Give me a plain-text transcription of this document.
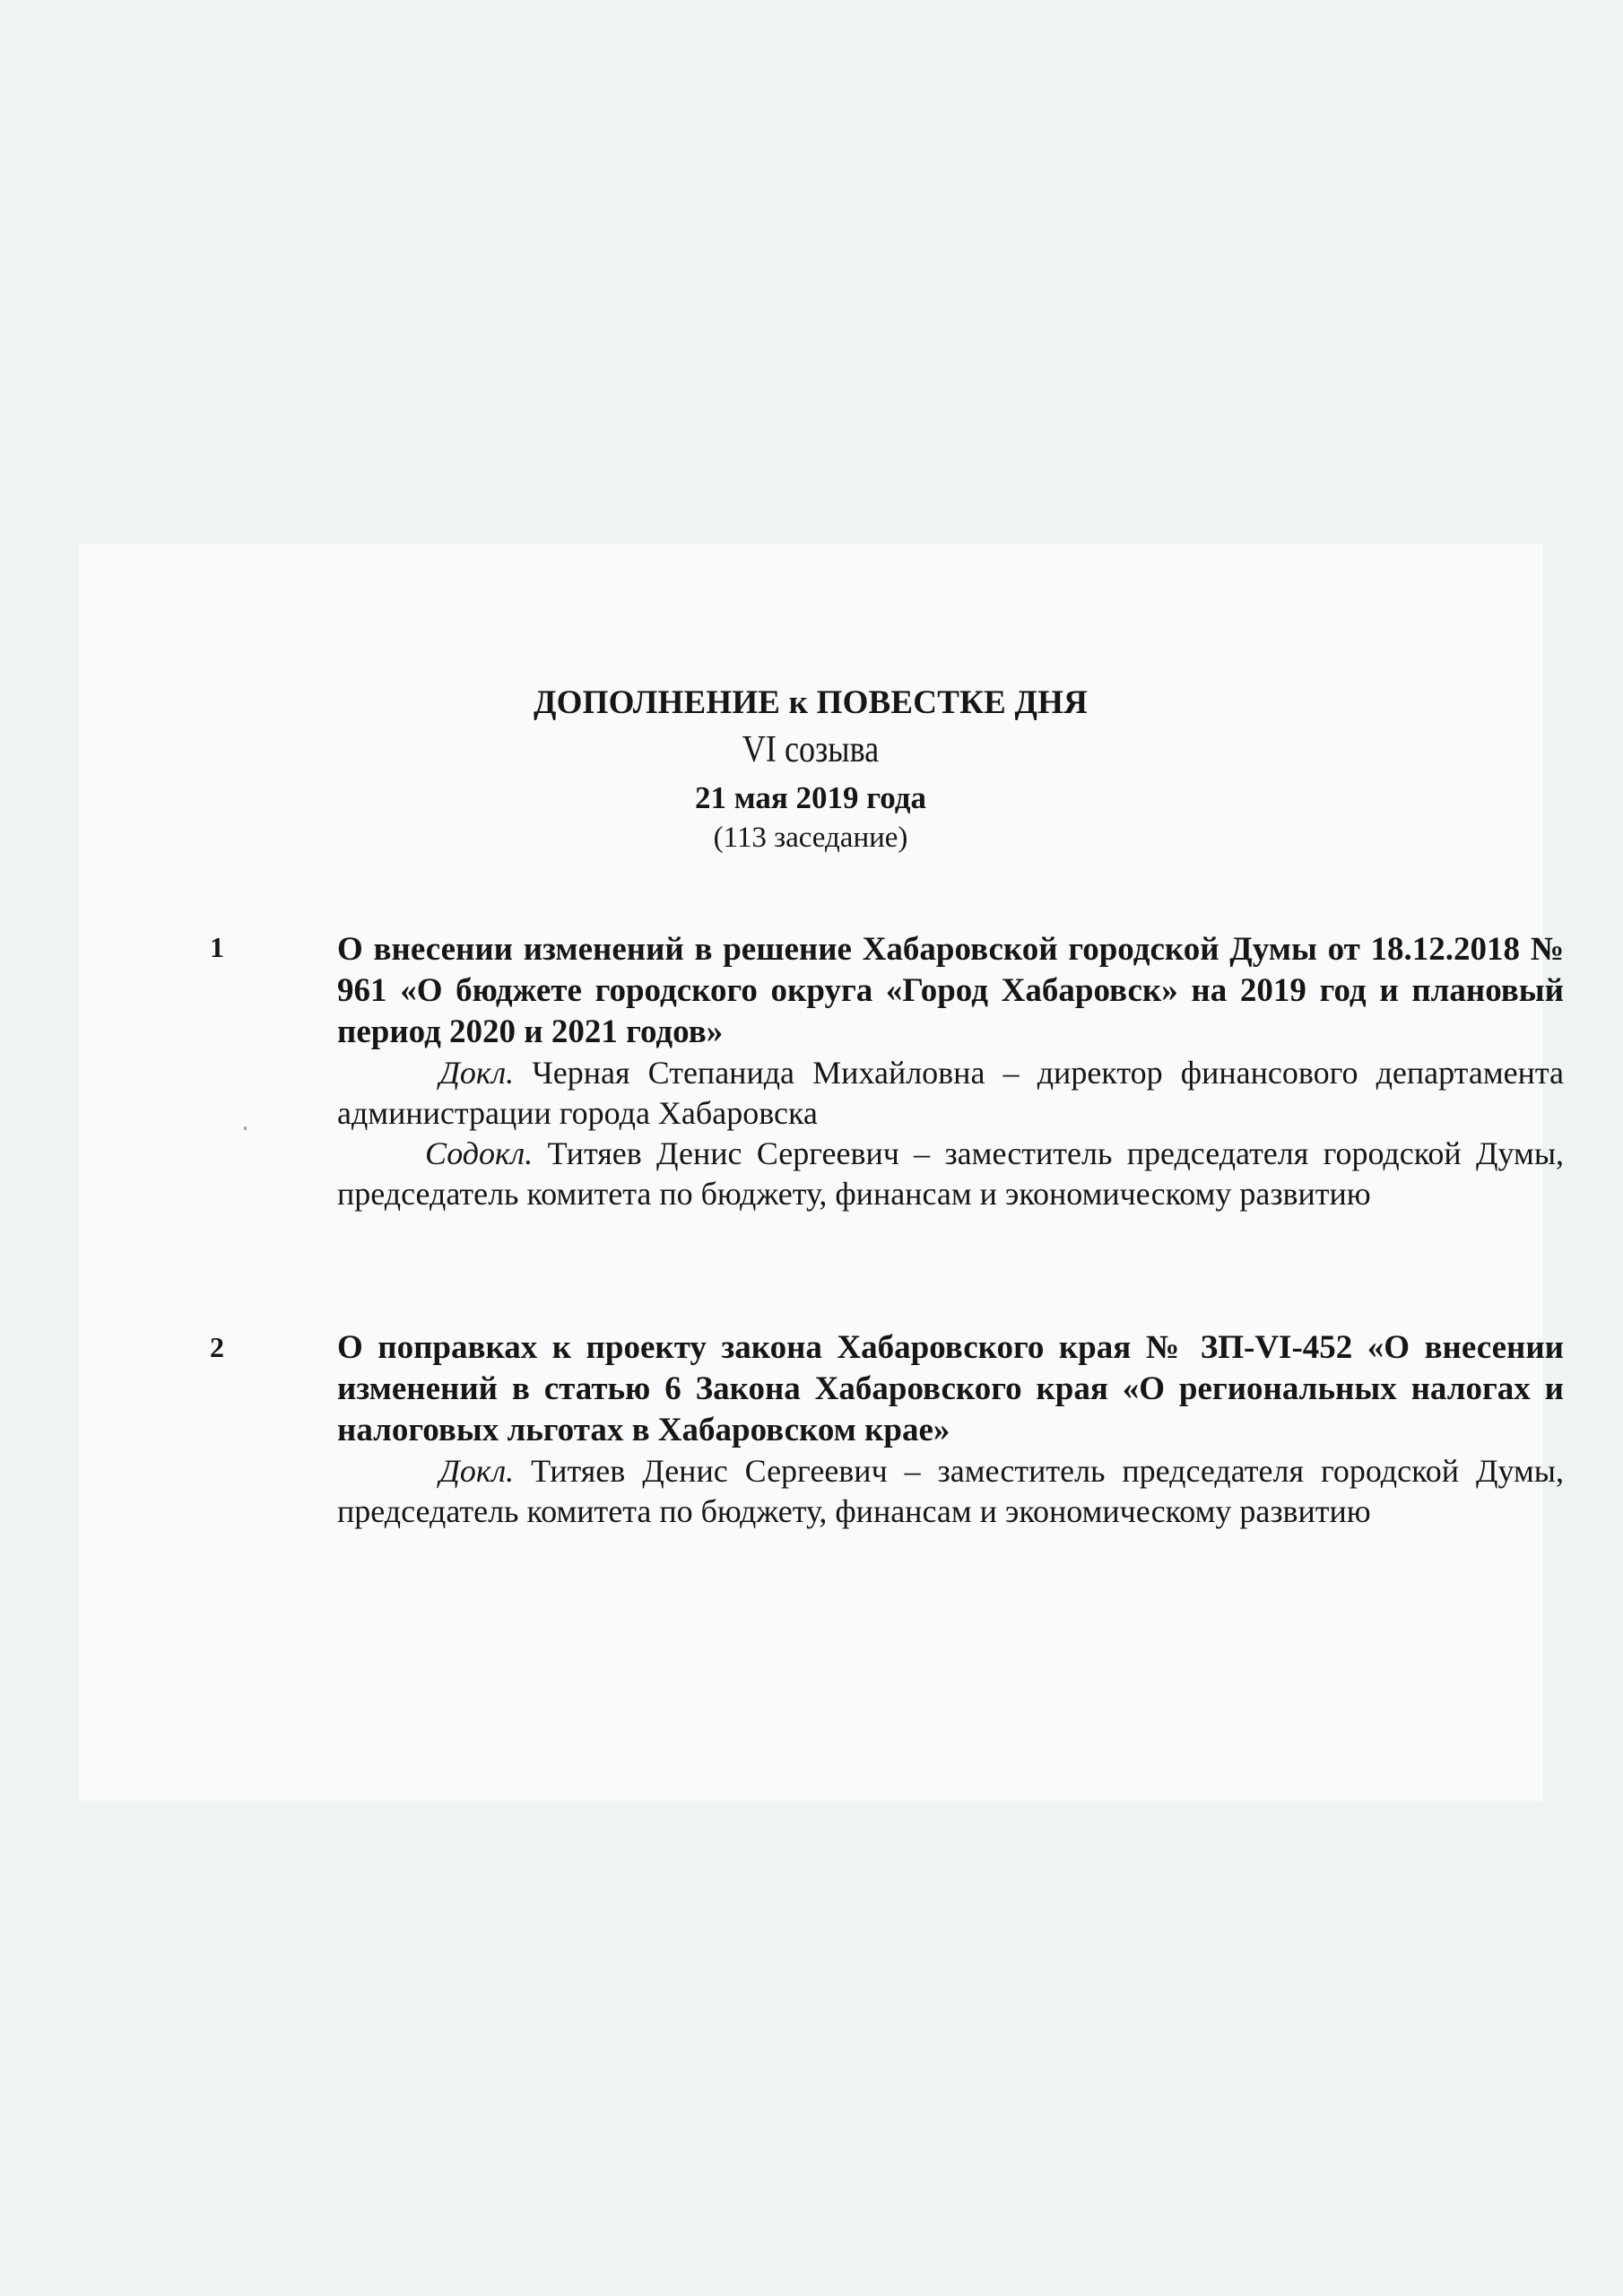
ДОПОЛНЕНИЕ к ПОВЕСТКЕ ДНЯ
VI созыва
21 мая 2019 года
(113 заседание)
1	О внесении изменений в решение Хабаровской городской Думы от 18.12.2018 № 961 «О бюджете городского округа «Город Хабаровск» на 2019 год и плановый период 2020 и 2021 годов»

Докл. Черная Степанида Михайловна – директор финансового департамента администрации города Хабаровска

Содокл. Титяев Денис Сергеевич – заместитель председателя городской Думы, председатель комитета по бюджету, финансам и экономическому развитию

2	О поправках к проекту закона Хабаровского края № ЗП-VI-452 «О внесении изменений в статью 6 Закона Хабаровского края «О региональных налогах и налоговых льготах в Хабаровском крае»

Докл. Титяев Денис Сергеевич – заместитель председателя городской Думы, председатель комитета по бюджету, финансам и экономическому развитию
